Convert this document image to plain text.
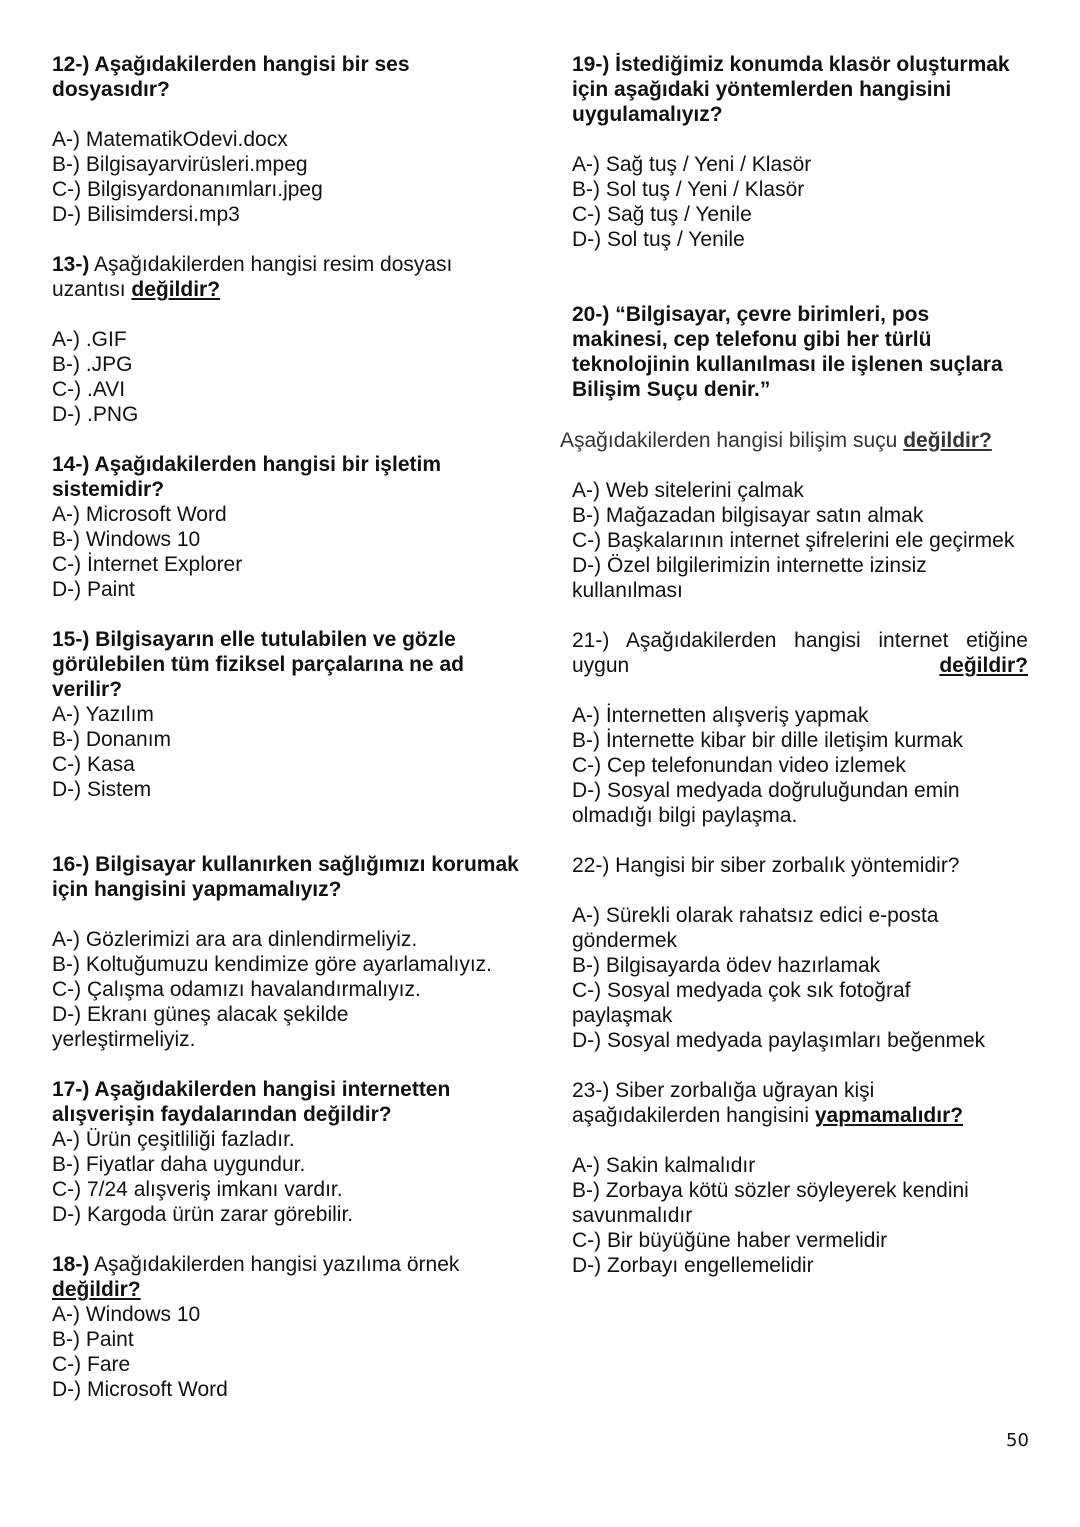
12-) Aşağıdakilerden hangisi bir ses dosyasıdır?

A-) MatematikOdevi.docx
B-) Bilgisayarvirüsleri.mpeg
C-) Bilgisyardonanımları.jpeg
D-) Bilisimdersi.mp3

13-) Aşağıdakilerden hangisi resim dosyası uzantısı değildir?

A-) .GIF
B-) .JPG
C-) .AVI
D-) .PNG

14-) Aşağıdakilerden hangisi bir işletim sistemidir?

A-) Microsoft Word
B-) Windows 10
C-) İnternet Explorer
D-) Paint

15-) Bilgisayarın elle tutulabilen ve gözle görülebilen tüm fiziksel parçalarına ne ad verilir?

A-) Yazılım
B-) Donanım
C-) Kasa
D-) Sistem

16-) Bilgisayar kullanırken sağlığımızı korumak için hangisini yapmamalıyız?

A-) Gözlerimizi ara ara dinlendirmeliyiz.
B-) Koltuğumuzu kendimize göre ayarlamalıyız.
C-) Çalışma odamızı havalandırmalıyız.
D-) Ekranı güneş alacak şekilde yerleştirmeliyiz.

17-) Aşağıdakilerden hangisi internetten alışverişin faydalarından değildir?

A-) Ürün çeşitliliği fazladır.
B-) Fiyatlar daha uygundur.
C-) 7/24 alışveriş imkanı vardır.
D-) Kargoda ürün zarar görebilir.

18-) Aşağıdakilerden hangisi yazılıma örnek
değildir?

A-) Windows 10
B-) Paint
C-) Fare
D-) Microsoft Word

19-) İstediğimiz konumda klasör oluşturmak için aşağıdaki yöntemlerden hangisini uygulamalıyız?

A-) Sağ tuş / Yeni / Klasör
B-) Sol tuş / Yeni / Klasör
C-) Sağ tuş / Yenile
D-) Sol tuş / Yenile

20-) “Bilgisayar, çevre birimleri, pos makinesi, cep telefonu gibi her türlü teknolojinin kullanılması ile işlenen suçlara Bilişim Suçu denir.”

Aşağıdakilerden hangisi bilişim suçu değildir?

A-) Web sitelerini çalmak
B-) Mağazadan bilgisayar satın almak
C-) Başkalarının internet şifrelerini ele geçirmek
D-) Özel bilgilerimizin internette izinsiz kullanılması

21-) Aşağıdakilerden hangisi internet etiğine uygun değildir?

A-) İnternetten alışveriş yapmak
B-) İnternette kibar bir dille iletişim kurmak
C-) Cep telefonundan video izlemek
D-) Sosyal medyada doğruluğundan emin olmadığı bilgi paylaşma.

22-) Hangisi bir siber zorbalık yöntemidir?

A-) Sürekli olarak rahatsız edici e-posta göndermek
B-) Bilgisayarda ödev hazırlamak
C-) Sosyal medyada çok sık fotoğraf paylaşmak
D-) Sosyal medyada paylaşımları beğenmek

23-) Siber zorbalığa uğrayan kişi aşağıdakilerden hangisini yapmamalıdır?

A-) Sakin kalmalıdır
B-) Zorbaya kötü sözler söyleyerek kendini savunmalıdır
C-) Bir büyüğüne haber vermelidir
D-) Zorbayı engellemelidir
50
